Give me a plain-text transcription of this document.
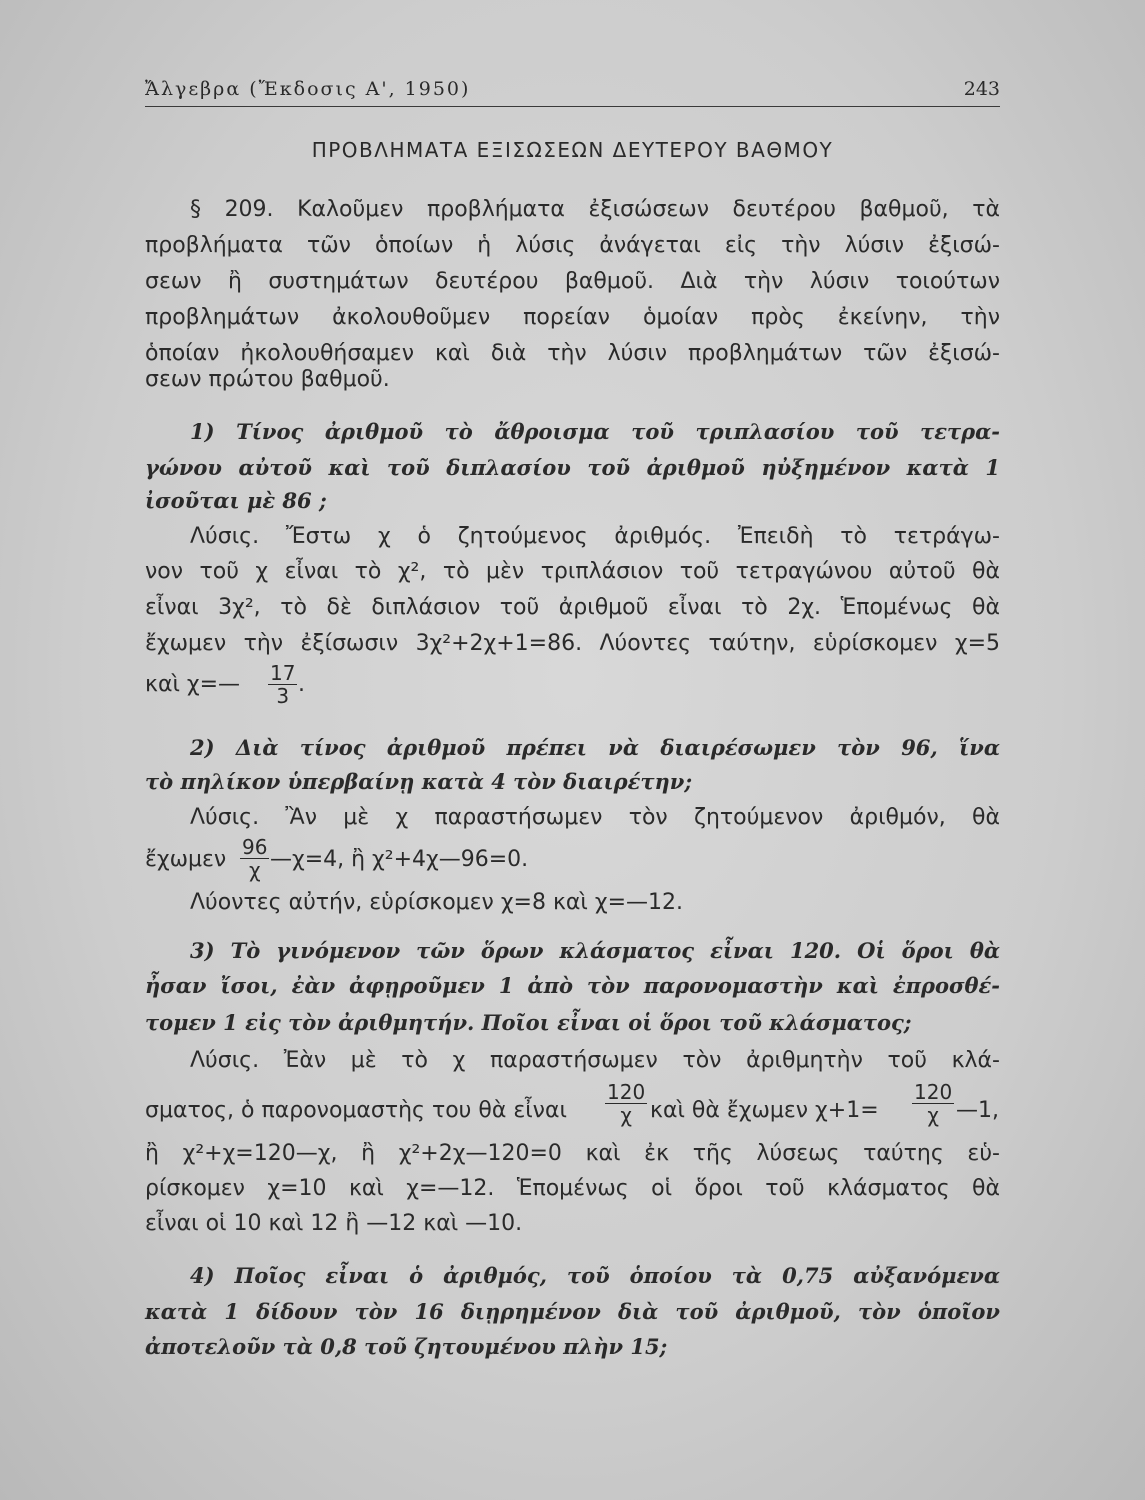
Ἄλγεβρα (Ἔκδοσις Α', 1950)	243
ΠΡΟΒΛΗΜΑΤΑ ΕΞΙΣΩΣΕΩΝ ΔΕΥΤΕΡΟΥ ΒΑΘΜΟΥ
§ 209. Καλοῦμεν προβλήματα ἐξισώσεων δευτέρου βαθμοῦ, τὰ
προβλήματα τῶν ὁποίων ἡ λύσις ἀνάγεται εἰς τὴν λύσιν ἐξισώ-
σεων ἢ συστημάτων δευτέρου βαθμοῦ. Διὰ τὴν λύσιν τοιούτων
προβλημάτων ἀκολουθοῦμεν πορείαν ὁμοίαν πρὸς ἐκείνην, τὴν
ὁποίαν ἠκολουθήσαμεν καὶ διὰ τὴν λύσιν προβλημάτων τῶν ἐξισώ-
σεων πρώτου βαθμοῦ.
1) Τίνος ἀριθμοῦ τὸ ἄθροισμα τοῦ τριπλασίου τοῦ τετρα-
γώνου αὐτοῦ καὶ τοῦ διπλασίου τοῦ ἀριθμοῦ ηὐξημένον κατὰ 1
ἰσοῦται μὲ 86 ;
Λύσις. Ἔστω χ ὁ ζητούμενος ἀριθμός. Ἐπειδὴ τὸ τετράγω-
νον τοῦ χ εἶναι τὸ χ², τὸ μὲν τριπλάσιον τοῦ τετραγώνου αὐτοῦ θὰ
εἶναι 3χ², τὸ δὲ διπλάσιον τοῦ ἀριθμοῦ εἶναι τὸ 2χ. Ἑπομένως θὰ
ἔχωμεν τὴν ἐξίσωσιν 3χ²+2χ+1=86. Λύοντες ταύτην, εὑρίσκομεν χ=5
καὶ χ=— $\frac{17}{3}$ .
2) Διὰ τίνος ἀριθμοῦ πρέπει νὰ διαιρέσωμεν τὸν 96, ἵνα
τὸ πηλίκον ὑπερβαίνῃ κατὰ 4 τὸν διαιρέτην;
Λύσις. Ἂν μὲ χ παραστήσωμεν τὸν ζητούμενον ἀριθμόν, θὰ
ἔχωμεν $\frac{96}{\chi}$ —χ=4, ἢ χ²+4χ—96=0.
Λύοντες αὐτήν, εὑρίσκομεν χ=8 καὶ χ=—12.
3) Τὸ γινόμενον τῶν ὅρων κλάσματος εἶναι 120. Οἱ ὅροι θὰ
ἦσαν ἴσοι, ἐὰν ἀφῃροῦμεν 1 ἀπὸ τὸν παρονομαστὴν καὶ ἐπροσθέ-
τομεν 1 εἰς τὸν ἀριθμητήν. Ποῖοι εἶναι οἱ ὅροι τοῦ κλάσματος;
Λύσις. Ἐὰν μὲ τὸ χ παραστήσωμεν τὸν ἀριθμητὴν τοῦ κλά-
σματος, ὁ παρονομαστὴς του θὰ εἶναι $\frac{120}{\chi}$ καὶ θὰ ἔχωμεν $\chi+1= \frac{120}{\chi}$ —1,
ἢ χ²+χ=120—χ, ἢ χ²+2χ—120=0 καὶ ἐκ τῆς λύσεως ταύτης εὑ-
ρίσκομεν χ=10 καὶ χ=—12. Ἑπομένως οἱ ὅροι τοῦ κλάσματος θὰ
εἶναι οἱ 10 καὶ 12 ἢ —12 καὶ —10.
4) Ποῖος εἶναι ὁ ἀριθμός, τοῦ ὁποίου τὰ 0,75 αὐξανόμενα
κατὰ 1 δίδουν τὸν 16 διῃρημένον διὰ τοῦ ἀριθμοῦ, τὸν ὁποῖον
ἀποτελοῦν τὰ 0,8 τοῦ ζητουμένου πλὴν 15;
